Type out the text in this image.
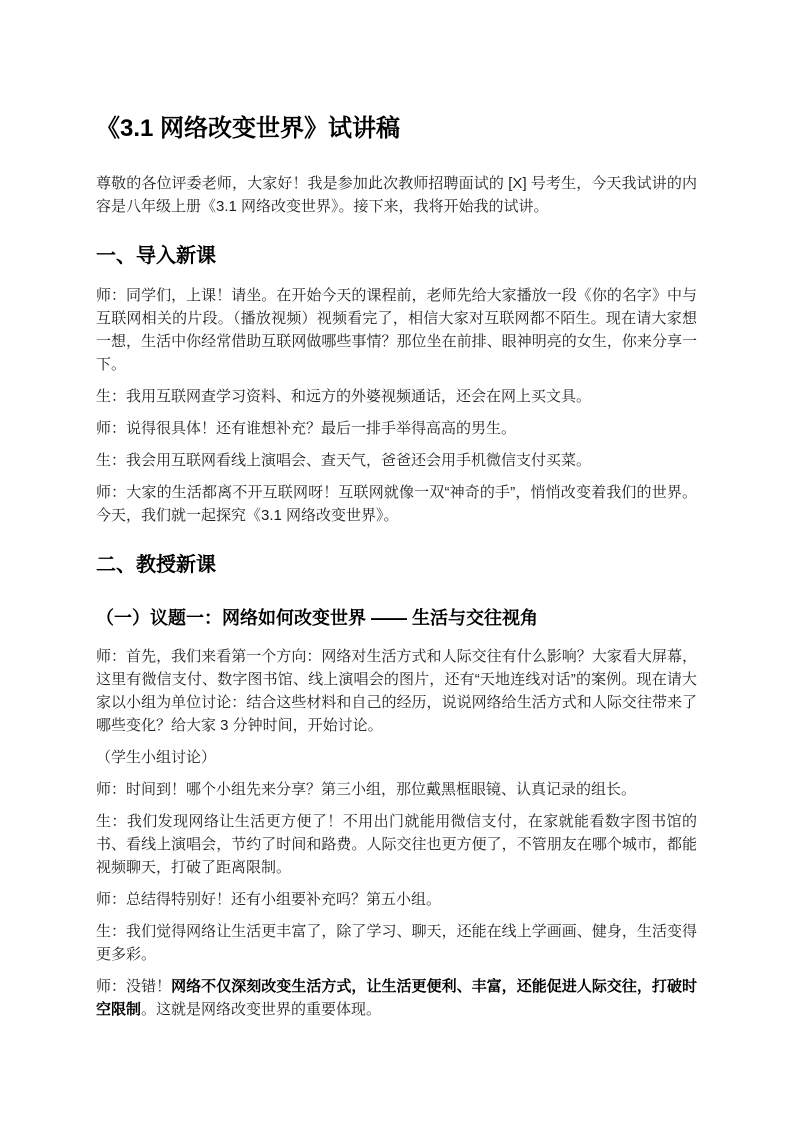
《3.1 网络改变世界》试讲稿

尊敬的各位评委老师，大家好！我是参加此次教师招聘面试的 [X] 号考生，今天我试讲的内容是八年级上册《3.1 网络改变世界》。接下来，我将开始我的试讲。

一、导入新课

师：同学们，上课！请坐。在开始今天的课程前，老师先给大家播放一段《你的名字》中与互联网相关的片段。（播放视频）视频看完了，相信大家对互联网都不陌生。现在请大家想一想，生活中你经常借助互联网做哪些事情？那位坐在前排、眼神明亮的女生，你来分享一下。

生：我用互联网查学习资料、和远方的外婆视频通话，还会在网上买文具。

师：说得很具体！还有谁想补充？最后一排手举得高高的男生。

生：我会用互联网看线上演唱会、查天气，爸爸还会用手机微信支付买菜。

师：大家的生活都离不开互联网呀！互联网就像一双“神奇的手”，悄悄改变着我们的世界。今天，我们就一起探究《3.1 网络改变世界》。

二、教授新课
（一）议题一：网络如何改变世界 —— 生活与交往视角

师：首先，我们来看第一个方向：网络对生活方式和人际交往有什么影响？大家看大屏幕，这里有微信支付、数字图书馆、线上演唱会的图片，还有“天地连线对话”的案例。现在请大家以小组为单位讨论：结合这些材料和自己的经历，说说网络给生活方式和人际交往带来了哪些变化？给大家 3 分钟时间，开始讨论。

（学生小组讨论）

师：时间到！哪个小组先来分享？第三小组，那位戴黑框眼镜、认真记录的组长。

生：我们发现网络让生活更方便了！不用出门就能用微信支付，在家就能看数字图书馆的书、看线上演唱会，节约了时间和路费。人际交往也更方便了，不管朋友在哪个城市，都能视频聊天，打破了距离限制。

师：总结得特别好！还有小组要补充吗？第五小组。

生：我们觉得网络让生活更丰富了，除了学习、聊天，还能在线上学画画、健身，生活变得更多彩。

师：没错！网络不仅深刻改变生活方式，让生活更便利、丰富，还能促进人际交往，打破时空限制。这就是网络改变世界的重要体现。
